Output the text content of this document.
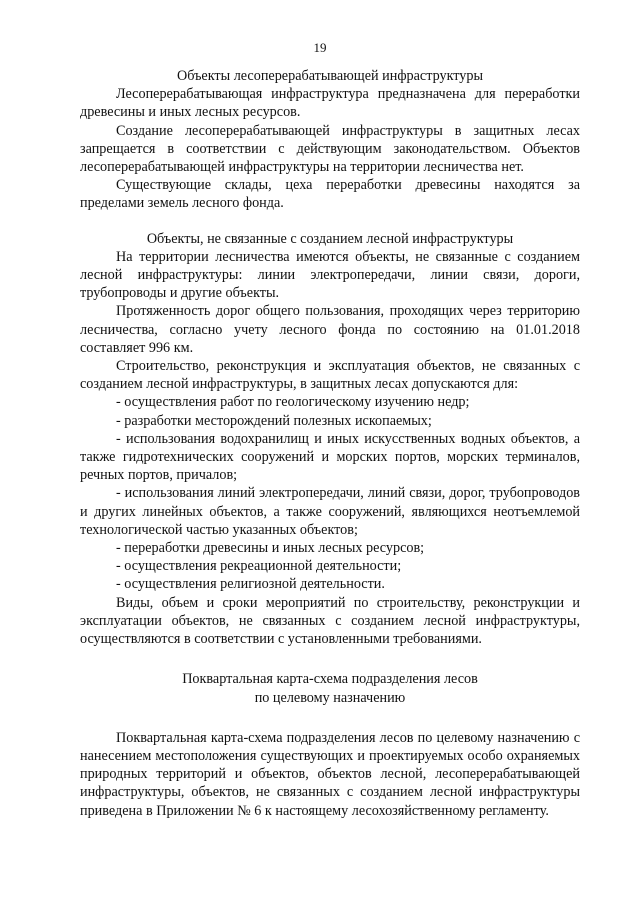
19

Объекты лесоперерабатывающей инфраструктуры

Лесоперерабатывающая инфраструктура предназначена для переработки древесины и иных лесных ресурсов.

Создание лесоперерабатывающей инфраструктуры в защитных лесах запрещается в соответствии с действующим законодательством. Объектов лесоперерабатывающей инфраструктуры на территории лесничества нет.

Существующие склады, цеха переработки древесины находятся за пределами земель лесного фонда.

Объекты, не связанные с созданием лесной инфраструктуры

На территории лесничества имеются объекты, не связанные с созданием лесной инфраструктуры: линии электропередачи, линии связи, дороги, трубопроводы и другие объекты.

Протяженность дорог общего пользования, проходящих через территорию лесничества, согласно учету лесного фонда по состоянию на 01.01.2018 составляет 996 км.

Строительство, реконструкция и эксплуатация объектов, не связанных с созданием лесной инфраструктуры, в защитных лесах допускаются для:

- осуществления работ по геологическому изучению недр;

- разработки месторождений полезных ископаемых;

- использования водохранилищ и иных искусственных водных объектов, а также гидротехнических сооружений и морских портов, морских терминалов, речных портов, причалов;

- использования линий электропередачи, линий связи, дорог, трубопроводов и других линейных объектов, а также сооружений, являющихся неотъемлемой технологической частью указанных объектов;

- переработки древесины и иных лесных ресурсов;

- осуществления рекреационной деятельности;

- осуществления религиозной деятельности.

Виды, объем и сроки мероприятий по строительству, реконструкции и эксплуатации объектов, не связанных с созданием лесной инфраструктуры, осуществляются в соответствии с установленными требованиями.

Поквартальная карта-схема подразделения лесов

по целевому назначению

Поквартальная карта-схема подразделения лесов по целевому назначению с нанесением местоположения существующих и проектируемых особо охраняемых природных территорий и объектов, объектов лесной, лесоперерабатывающей инфраструктуры, объектов, не связанных с созданием лесной инфраструктуры приведена в Приложении № 6 к настоящему лесохозяйственному регламенту.
